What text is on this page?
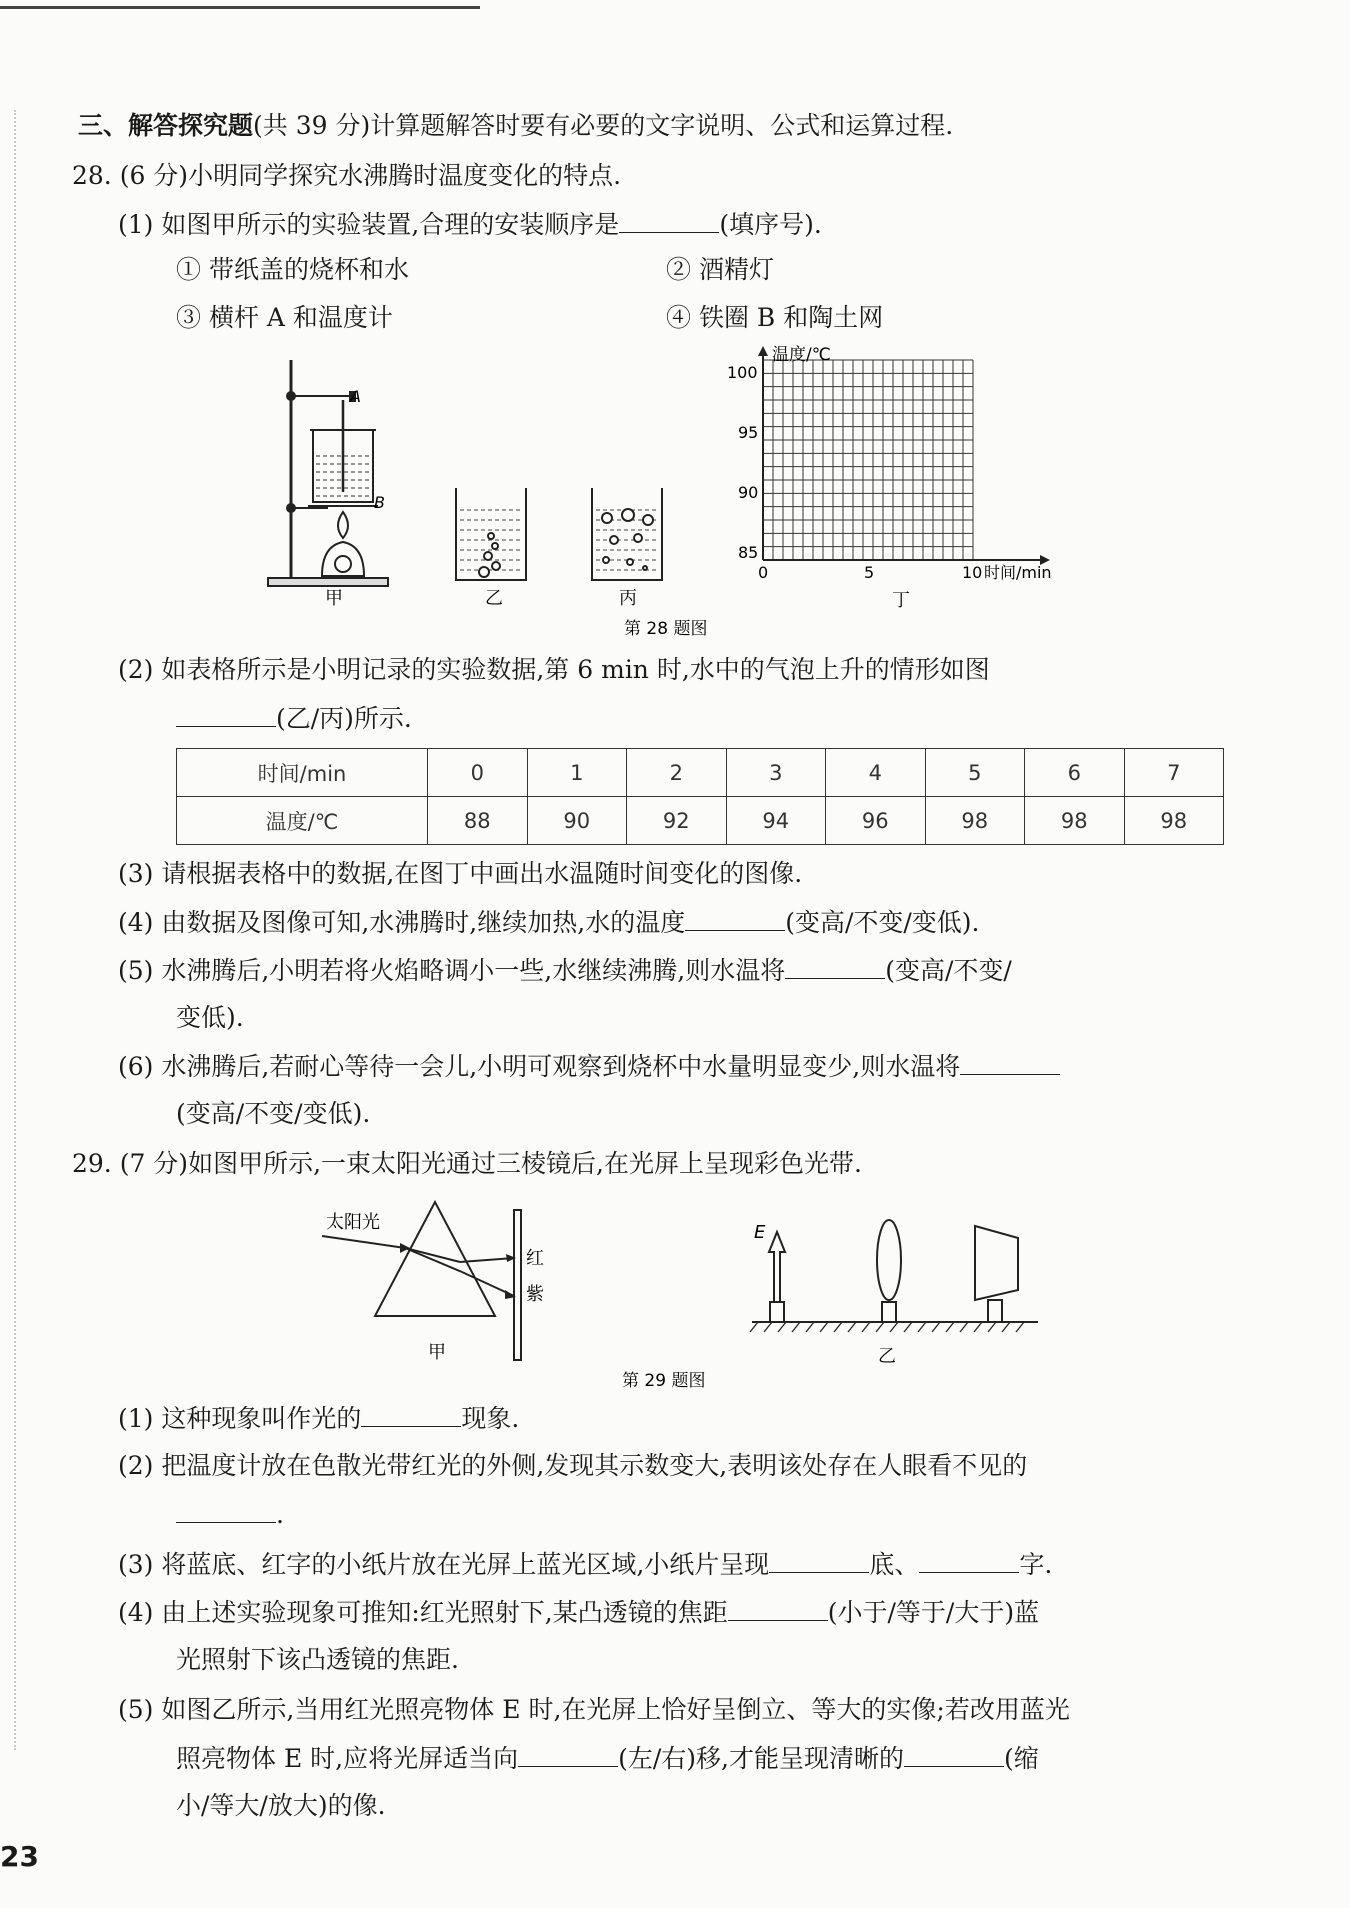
三、解答探究题(共 39 分)计算题解答时要有必要的文字说明、公式和运算过程.
28. (6 分)小明同学探究水沸腾时温度变化的特点.
(1) 如图甲所示的实验装置,合理的安装顺序是	(填序号).
① 带纸盖的烧杯和水	② 酒精灯
③ 横杆 A 和温度计	④ 铁圈 B 和陶土网
A
B
甲	乙	丙
温度/℃
100
95
90
85
0	5	10 时间/min
丁
第 28 题图
(2) 如表格所示是小明记录的实验数据,第 6 min 时,水中的气泡上升的情形如图
(乙/丙)所示.
时间/min	0	1	2	3	4	5	6	7
温度/℃	88	90	92	94	96	98	98	98
(3) 请根据表格中的数据,在图丁中画出水温随时间变化的图像.
(4) 由数据及图像可知,水沸腾时,继续加热,水的温度	(变高/不变/变低).
(5) 水沸腾后,小明若将火焰略调小一些,水继续沸腾,则水温将	(变高/不变/
变低).
(6) 水沸腾后,若耐心等待一会儿,小明可观察到烧杯中水量明显变少,则水温将
(变高/不变/变低).
29. (7 分)如图甲所示,一束太阳光通过三棱镜后,在光屏上呈现彩色光带.
太阳光
红
紫
甲
E
乙
第 29 题图
(1) 这种现象叫作光的	现象.
(2) 把温度计放在色散光带红光的外侧,发现其示数变大,表明该处存在人眼看不见的
.
(3) 将蓝底、红字的小纸片放在光屏上蓝光区域,小纸片呈现	底、	字.
(4) 由上述实验现象可推知:红光照射下,某凸透镜的焦距	(小于/等于/大于)蓝
光照射下该凸透镜的焦距.
(5) 如图乙所示,当用红光照亮物体 E 时,在光屏上恰好呈倒立、等大的实像;若改用蓝光
照亮物体 E 时,应将光屏适当向	(左/右)移,才能呈现清晰的	(缩
小/等大/放大)的像.
23
